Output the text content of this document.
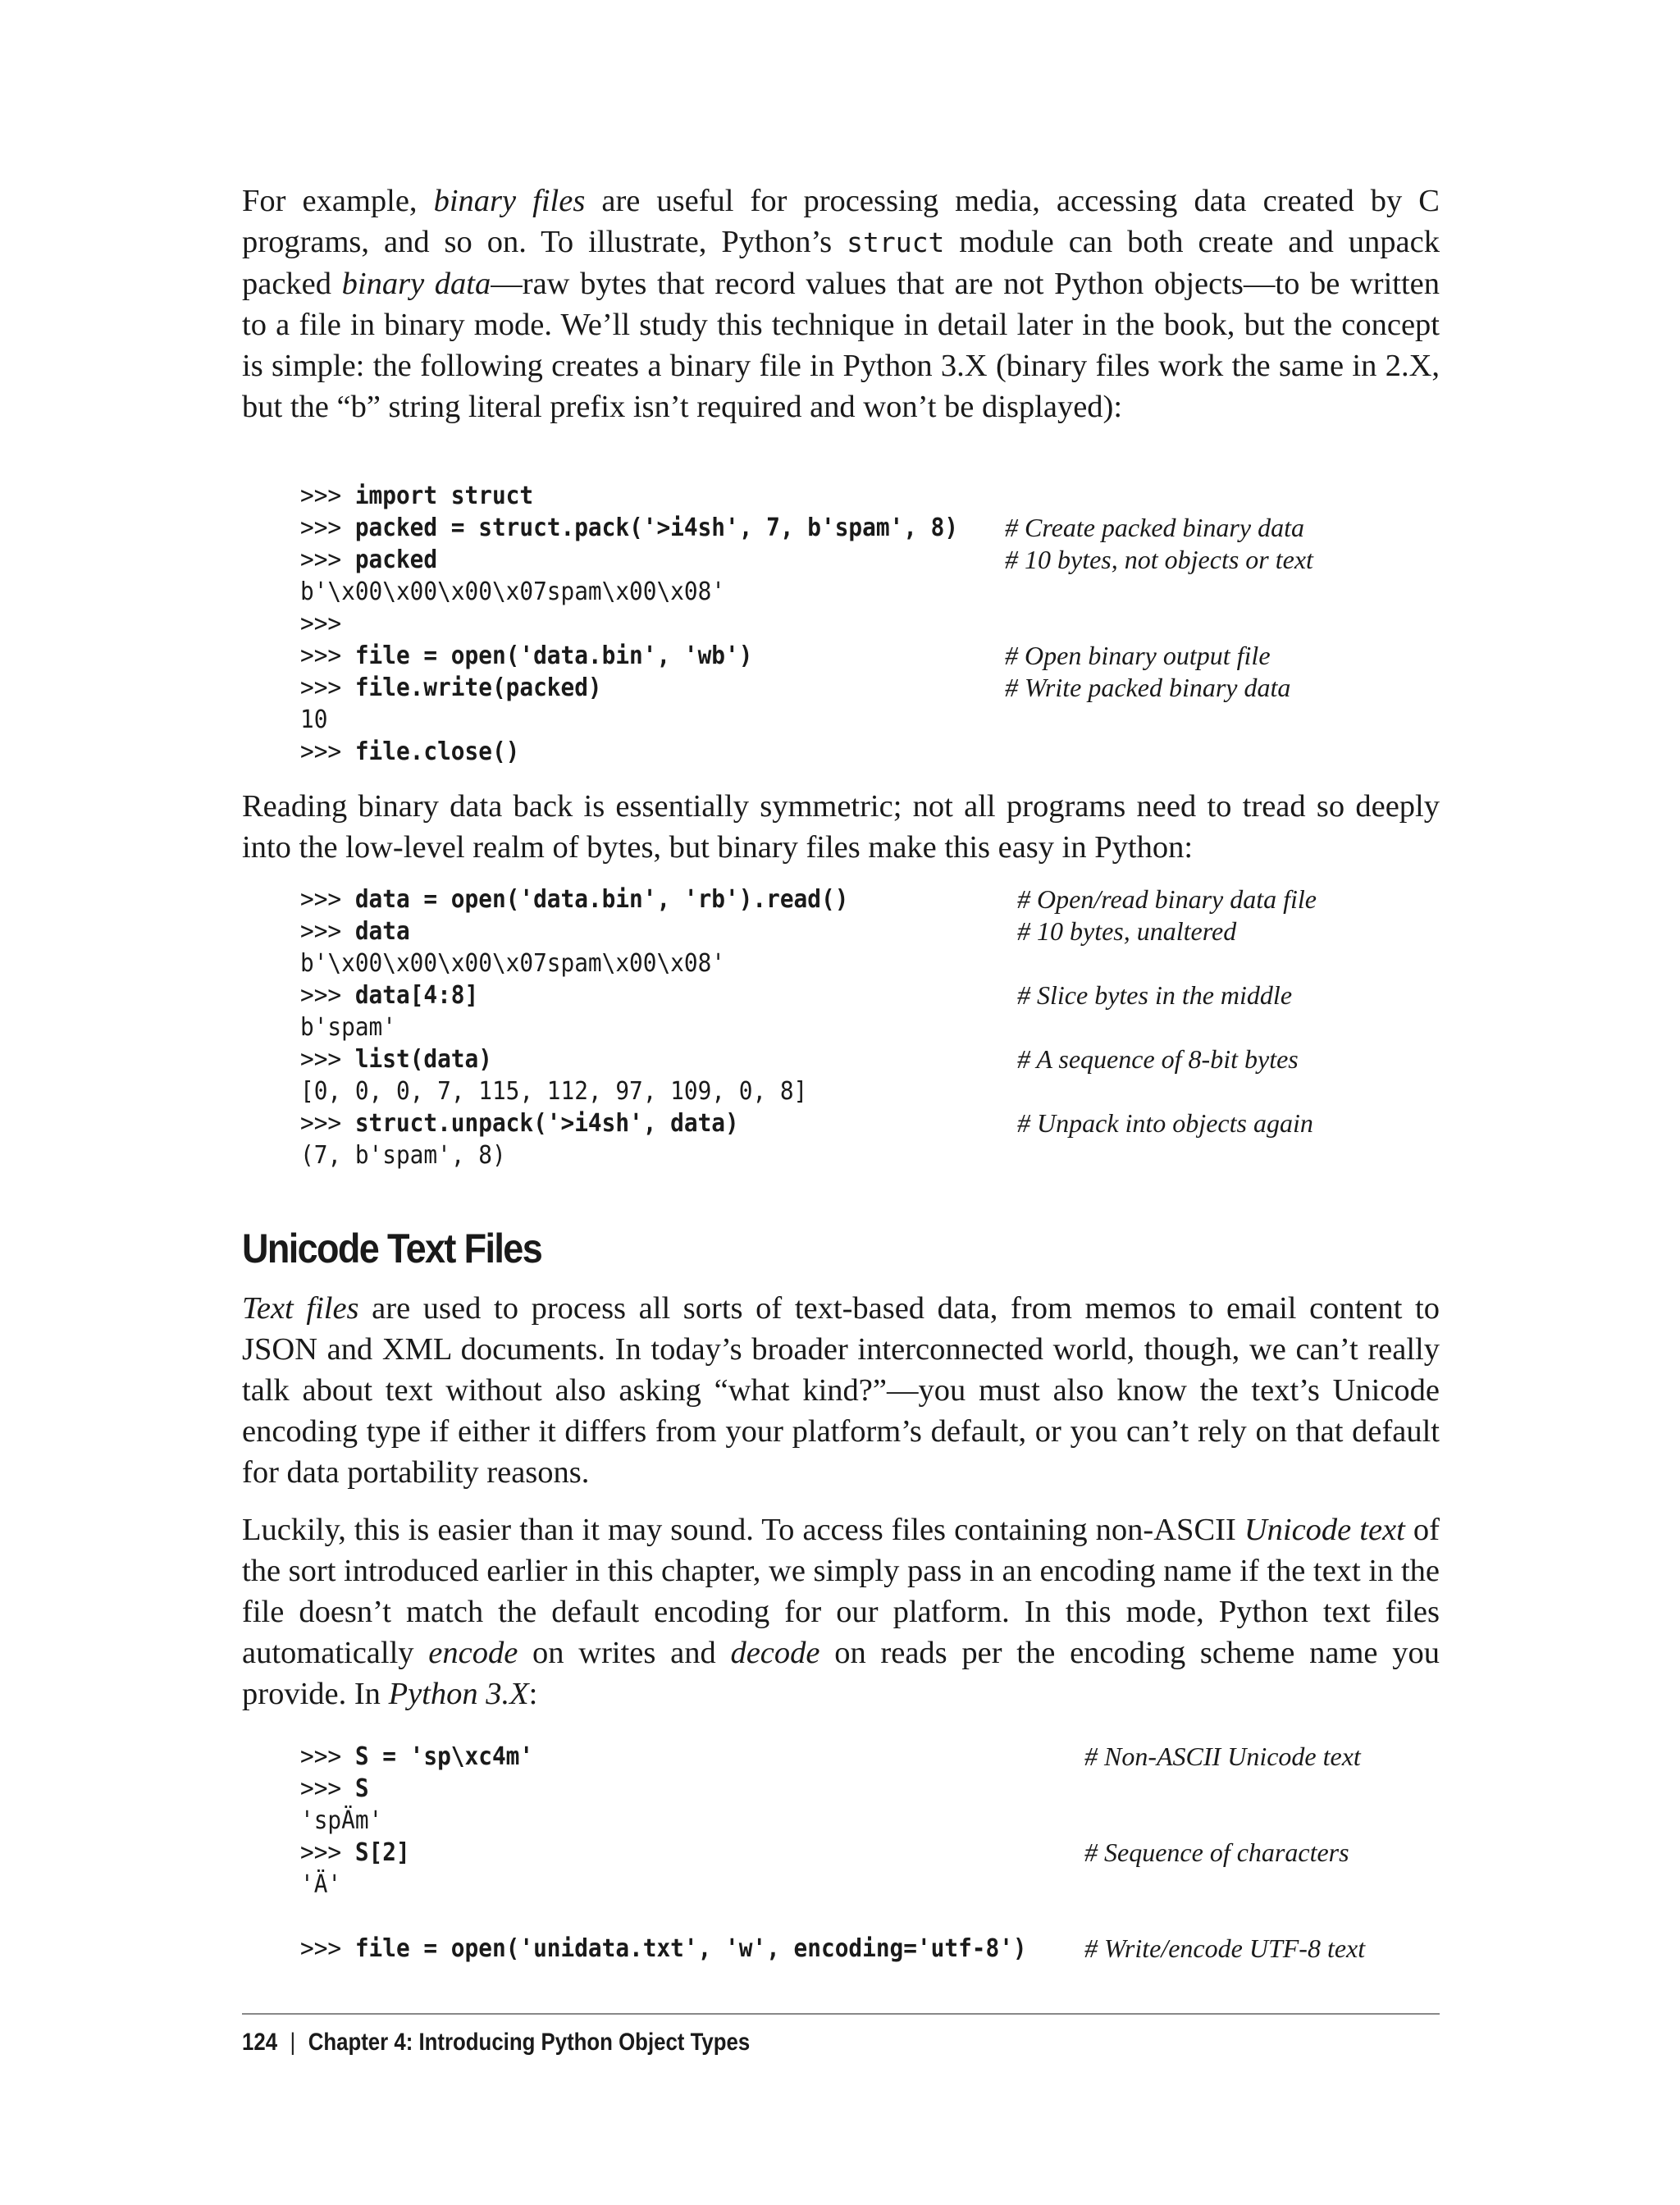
For example, binary files are useful for processing media, accessing data created by C programs, and so on. To illustrate, Python’s struct module can both create and unpack packed binary data—raw bytes that record values that are not Python objects—to be written to a file in binary mode. We’ll study this technique in detail later in the book, but the concept is simple: the following creates a binary file in Python 3.X (binary files work the same in 2.X, but the “b” string literal prefix isn’t required and won’t be displayed):

>>> import struct
>>> packed = struct.pack('>i4sh', 7, b'spam', 8) # Create packed binary data
>>> packed	# 10 bytes, not objects or text
b'\x00\x00\x00\x07spam\x00\x08'
>>>
>>> file = open('data.bin', 'wb')	# Open binary output file
>>> file.write(packed)	# Write packed binary data
10
>>> file.close()

Reading binary data back is essentially symmetric; not all programs need to tread so deeply into the low-level realm of bytes, but binary files make this easy in Python:

>>> data = open('data.bin', 'rb').read()	# Open/read binary data file
>>> data	# 10 bytes, unaltered
b'\x00\x00\x00\x07spam\x00\x08'
>>> data[4:8]	# Slice bytes in the middle
b'spam'
>>> list(data)	# A sequence of 8-bit bytes
[0, 0, 0, 7, 115, 112, 97, 109, 0, 8]
>>> struct.unpack('>i4sh', data)	# Unpack into objects again
(7, b'spam', 8)
Unicode Text Files

Text files are used to process all sorts of text-based data, from memos to email content to JSON and XML documents. In today’s broader interconnected world, though, we can’t really talk about text without also asking “what kind?”—you must also know the text’s Unicode encoding type if either it differs from your platform’s default, or you can’t rely on that default for data portability reasons.

Luckily, this is easier than it may sound. To access files containing non-ASCII Unicode text of the sort introduced earlier in this chapter, we simply pass in an encoding name if the text in the file doesn’t match the default encoding for our platform. In this mode, Python text files automatically encode on writes and decode on reads per the encoding scheme name you provide. In Python 3.X:

>>> S = 'sp\xc4m'	# Non-ASCII Unicode text
>>> S
'spÄm'
>>> S[2]	# Sequence of characters
'Ä'
>>> file = open('unidata.txt', 'w', encoding='utf-8') # Write/encode UTF-8 text

124 | Chapter 4: Introducing Python Object Types
